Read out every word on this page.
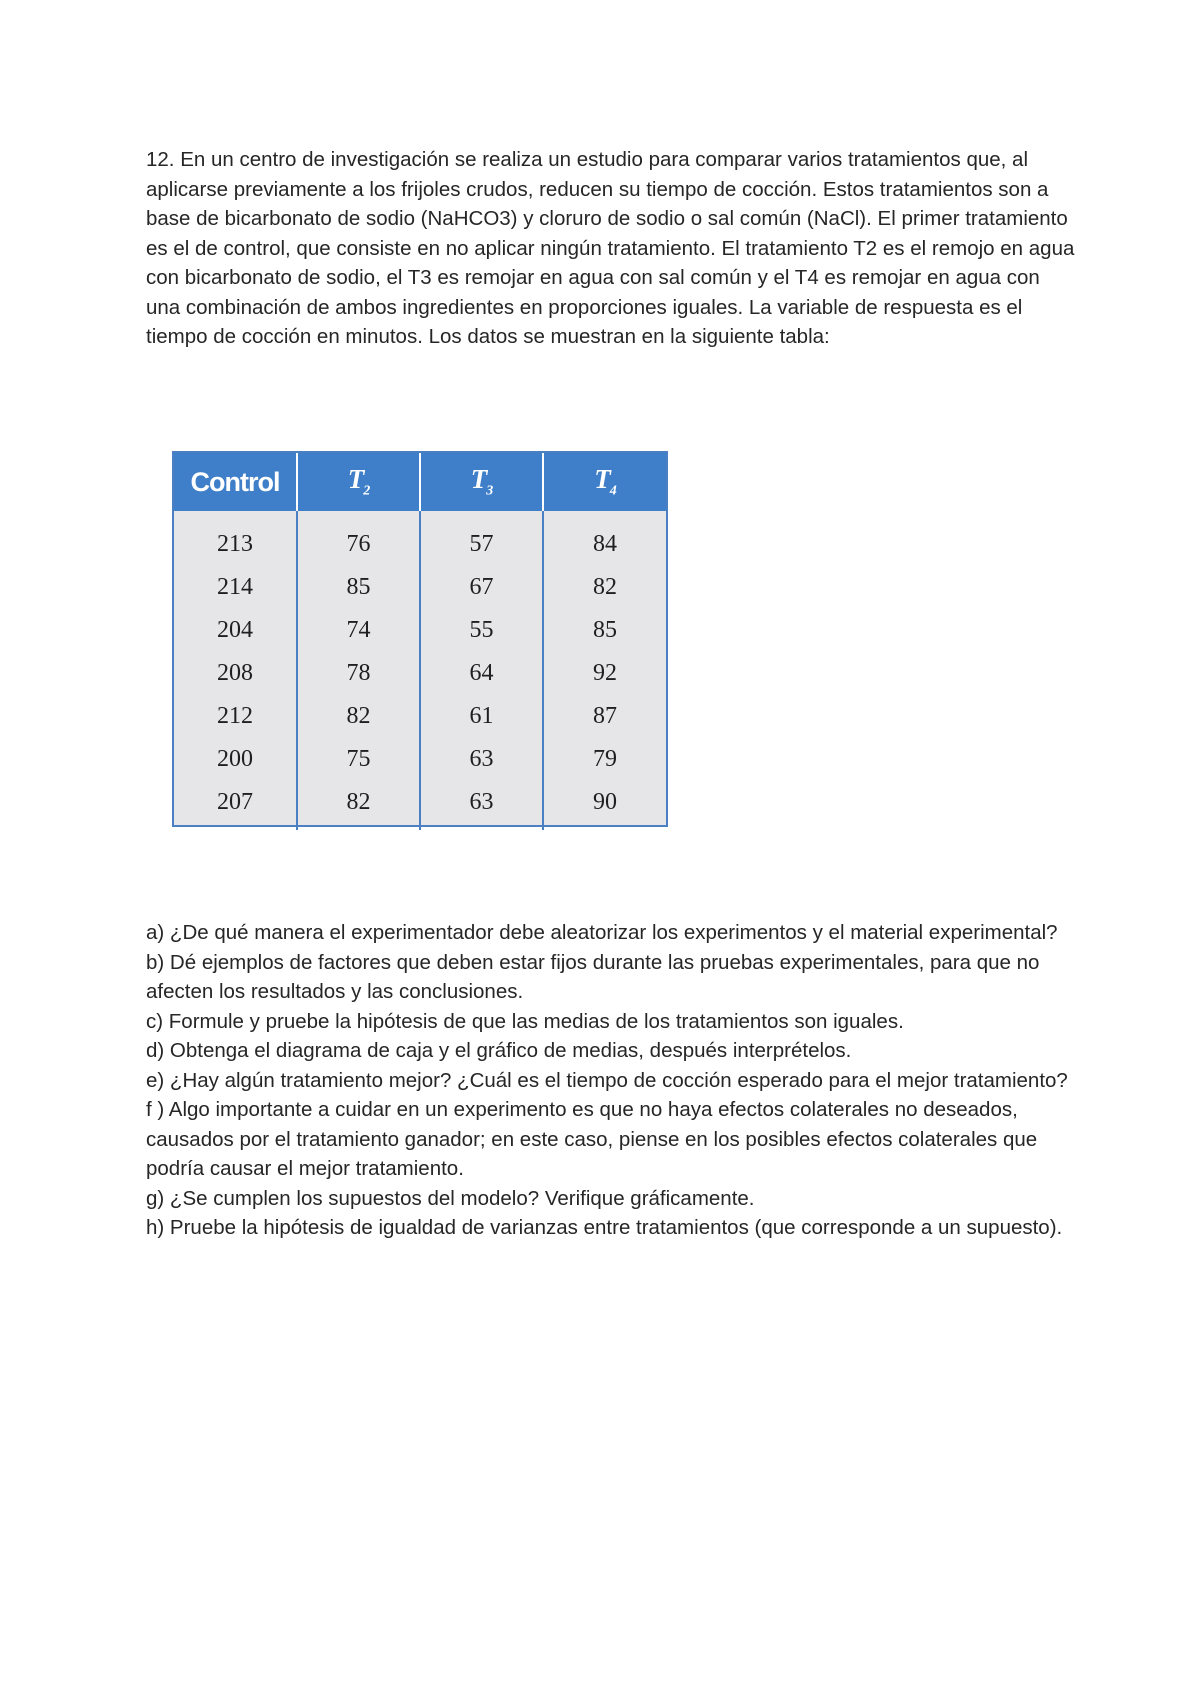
12. En un centro de investigación se realiza un estudio para comparar varios tratamientos que, al aplicarse previamente a los frijoles crudos, reducen su tiempo de cocción. Estos tratamientos son a base de bicarbonato de sodio (NaHCO3) y cloruro de sodio o sal común (NaCl). El primer tratamiento es el de control, que consiste en no aplicar ningún tratamiento. El tratamiento T2 es el remojo en agua con bicarbonato de sodio, el T3 es remojar en agua con sal común y el T4 es remojar en agua con una combinación de ambos ingredientes en proporciones iguales. La variable de respuesta es el tiempo de cocción en minutos. Los datos se muestran en la siguiente tabla:

Control	$T_2$	$T_3$	$T_4$
213	76	57	84
214	85	67	82
204	74	55	85
208	78	64	92
212	82	61	87
200	75	63	79
207	82	63	90

a) ¿De qué manera el experimentador debe aleatorizar los experimentos y el material experimental?

b) Dé ejemplos de factores que deben estar fijos durante las pruebas experimentales, para que no afecten los resultados y las conclusiones.

c) Formule y pruebe la hipótesis de que las medias de los tratamientos son iguales.

d) Obtenga el diagrama de caja y el gráfico de medias, después interprételos.

e) ¿Hay algún tratamiento mejor? ¿Cuál es el tiempo de cocción esperado para el mejor tratamiento?

f ) Algo importante a cuidar en un experimento es que no haya efectos colaterales no deseados, causados por el tratamiento ganador; en este caso, piense en los posibles efectos colaterales que podría causar el mejor tratamiento.

g) ¿Se cumplen los supuestos del modelo? Verifique gráficamente.

h) Pruebe la hipótesis de igualdad de varianzas entre tratamientos (que corresponde a un supuesto).
